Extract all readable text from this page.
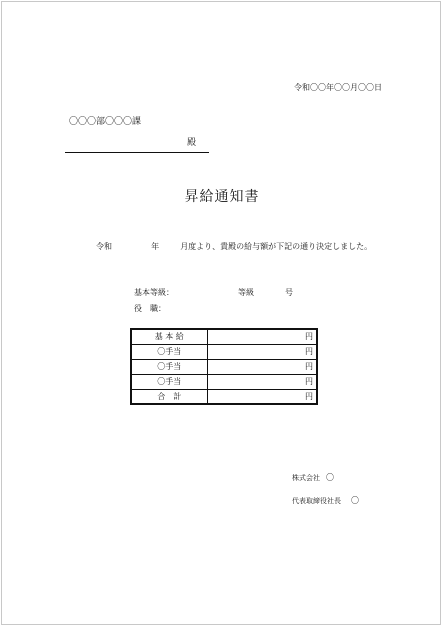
令和〇〇年〇〇月〇〇日
〇〇〇部〇〇〇課
殿
昇給通知書
令和	年	月度より、貴殿の給与額が下記の通り決定しました。
基本等級：	等級	号
役　職：
基 本 給	円
〇手当	円
〇手当	円
〇手当	円
合　計	円
株式会社 〇
代表取締役社長 〇
